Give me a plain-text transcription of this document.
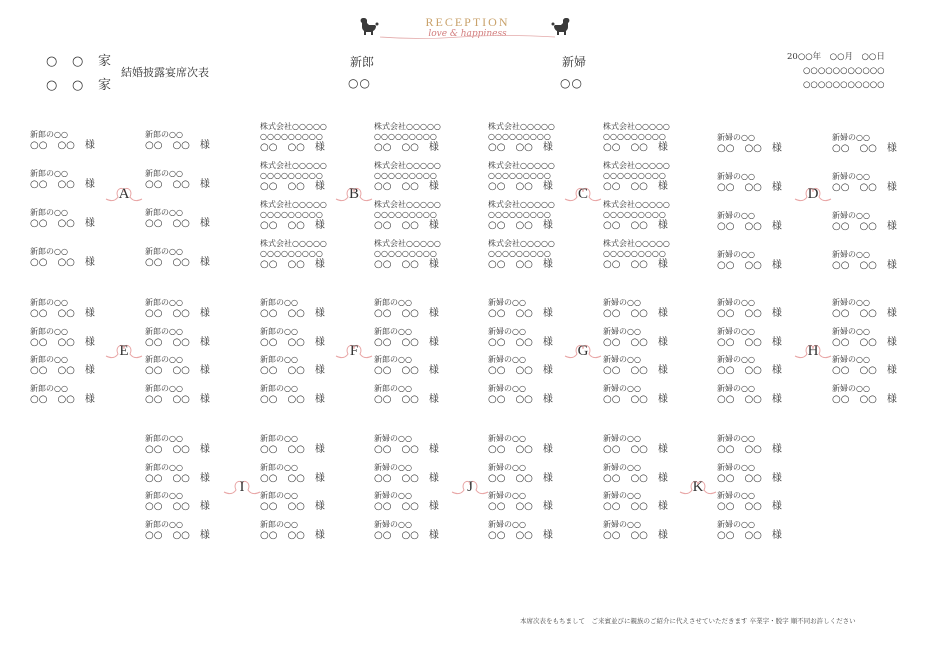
RECEPTION
love & happiness
○ ○ 家
○ ○ 家
結婚披露宴席次表
新郎
○○
新婦
○○
20○○年　○○月　○○日
○○○○○○○○○○○
○○○○○○○○○○○
新郎の○○
○○　○○　様
新郎の○○
○○　○○　様
新郎の○○
○○　○○　様
新郎の○○
○○　○○　様
新郎の○○
○○　○○　様
新郎の○○
○○　○○　様
新郎の○○
○○　○○　様
新郎の○○
○○　○○　様
A
株式会社○○○○○
○○○○○○○○○
○○　○○　様
株式会社○○○○○
○○○○○○○○○
○○　○○　様
株式会社○○○○○
○○○○○○○○○
○○　○○　様
株式会社○○○○○
○○○○○○○○○
○○　○○　様
株式会社○○○○○
○○○○○○○○○
○○　○○　様
株式会社○○○○○
○○○○○○○○○
○○　○○　様
株式会社○○○○○
○○○○○○○○○
○○　○○　様
株式会社○○○○○
○○○○○○○○○
○○　○○　様
B
株式会社○○○○○
○○○○○○○○○
○○　○○　様
株式会社○○○○○
○○○○○○○○○
○○　○○　様
株式会社○○○○○
○○○○○○○○○
○○　○○　様
株式会社○○○○○
○○○○○○○○○
○○　○○　様
株式会社○○○○○
○○○○○○○○○
○○　○○　様
株式会社○○○○○
○○○○○○○○○
○○　○○　様
株式会社○○○○○
○○○○○○○○○
○○　○○　様
株式会社○○○○○
○○○○○○○○○
○○　○○　様
C
新婦の○○
○○　○○　様
新婦の○○
○○　○○　様
新婦の○○
○○　○○　様
新婦の○○
○○　○○　様
新婦の○○
○○　○○　様
新婦の○○
○○　○○　様
新婦の○○
○○　○○　様
新婦の○○
○○　○○　様
D
新郎の○○
○○　○○　様
新郎の○○
○○　○○　様
新郎の○○
○○　○○　様
新郎の○○
○○　○○　様
新郎の○○
○○　○○　様
新郎の○○
○○　○○　様
新郎の○○
○○　○○　様
新郎の○○
○○　○○　様
E
新郎の○○
○○　○○　様
新郎の○○
○○　○○　様
新郎の○○
○○　○○　様
新郎の○○
○○　○○　様
新郎の○○
○○　○○　様
新郎の○○
○○　○○　様
新郎の○○
○○　○○　様
新郎の○○
○○　○○　様
F
新婦の○○
○○　○○　様
新婦の○○
○○　○○　様
新婦の○○
○○　○○　様
新婦の○○
○○　○○　様
新婦の○○
○○　○○　様
新婦の○○
○○　○○　様
新婦の○○
○○　○○　様
新婦の○○
○○　○○　様
G
新婦の○○
○○　○○　様
新婦の○○
○○　○○　様
新婦の○○
○○　○○　様
新婦の○○
○○　○○　様
新婦の○○
○○　○○　様
新婦の○○
○○　○○　様
新婦の○○
○○　○○　様
新婦の○○
○○　○○　様
H
新郎の○○
○○　○○　様
新郎の○○
○○　○○　様
新郎の○○
○○　○○　様
新郎の○○
○○　○○　様
新郎の○○
○○　○○　様
新郎の○○
○○　○○　様
新郎の○○
○○　○○　様
新郎の○○
○○　○○　様
I
新婦の○○
○○　○○　様
新婦の○○
○○　○○　様
新婦の○○
○○　○○　様
新婦の○○
○○　○○　様
新婦の○○
○○　○○　様
新婦の○○
○○　○○　様
新婦の○○
○○　○○　様
新婦の○○
○○　○○　様
J
新婦の○○
○○　○○　様
新婦の○○
○○　○○　様
新婦の○○
○○　○○　様
新婦の○○
○○　○○　様
新婦の○○
○○　○○　様
新婦の○○
○○　○○　様
新婦の○○
○○　○○　様
新婦の○○
○○　○○　様
K
本席次表をもちまして　ご来賓並びに親族のご紹介に代えさせていただきます 卒業字・脱字 順不同お許しください
